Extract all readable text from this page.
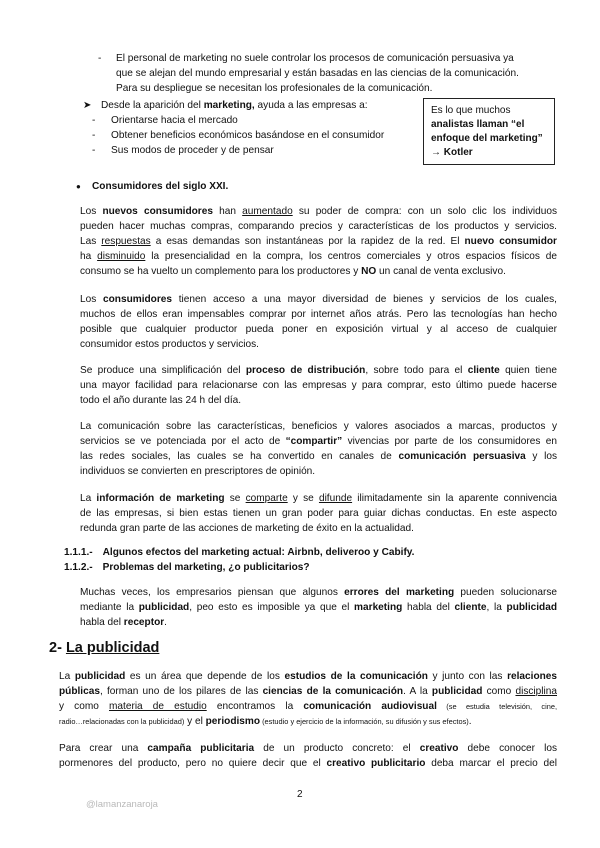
- El personal de marketing no suele controlar los procesos de comunicación persuasiva ya
que se alejan del mundo empresarial y están basadas en las ciencias de la comunicación.
Para su despliegue se necesitan los profesionales de la comunicación.
➤ Desde la aparición del marketing, ayuda a las empresas a:
- Orientarse hacia el mercado
- Obtener beneficios económicos basándose en el consumidor
- Sus modos de proceder y de pensar
Es lo que muchos
analistas llaman “el
enfoque del marketing”
→ Kotler
● Consumidores del siglo XXI.
Los nuevos consumidores han aumentado su poder de compra: con un solo clic los individuos
pueden hacer muchas compras, comparando precios y características de los productos y servicios.
Las respuestas a esas demandas son instantáneas por la rapidez de la red. El nuevo consumidor
ha disminuido la presencialidad en la compra, los centros comerciales y otros espacios físicos de
consumo se ha vuelto un complemento para los productores y NO un canal de venta exclusivo.
Los consumidores tienen acceso a una mayor diversidad de bienes y servicios de los cuales,
muchos de ellos eran impensables comprar por internet años atrás. Pero las tecnologías han hecho
posible que cualquier productor pueda poner en exposición virtual y al acceso de cualquier
consumidor estos productos y servicios.
Se produce una simplificación del proceso de distribución, sobre todo para el cliente quien tiene
una mayor facilidad para relacionarse con las empresas y para comprar, esto último puede hacerse
todo el año durante las 24 h del día.
La comunicación sobre las características, beneficios y valores asociados a marcas, productos y
servicios se ve potenciada por el acto de “compartir” vivencias por parte de los consumidores en
las redes sociales, las cuales se ha convertido en canales de comunicación persuasiva y los
individuos se convierten en prescriptores de opinión.
La información de marketing se comparte y se difunde ilimitadamente sin la aparente connivencia
de las empresas, si bien estas tienen un gran poder para guiar dichas conductas. En este aspecto
redunda gran parte de las acciones de marketing de éxito en la actualidad.
1.1.1.- Algunos efectos del marketing actual: Airbnb, deliveroo y Cabify.
1.1.2.- Problemas del marketing, ¿o publicitarios?
Muchas veces, los empresarios piensan que algunos errores del marketing pueden solucionarse
mediante la publicidad, peo esto es imposible ya que el marketing habla del cliente, la publicidad
habla del receptor.
2- La publicidad
La publicidad es un área que depende de los estudios de la comunicación y junto con las relaciones
públicas, forman uno de los pilares de las ciencias de la comunicación. A la publicidad como disciplina
y como materia de estudio encontramos la comunicación audiovisual (se estudia televisión, cine,
radio…relacionadas con la publicidad) y el periodismo (estudio y ejercicio de la información, su difusión y sus efectos).
Para crear una campaña publicitaria de un producto concreto: el creativo debe conocer los
pormenores del producto, pero no quiere decir que el creativo publicitario deba marcar el precio del
2
@lamanzanaroja
